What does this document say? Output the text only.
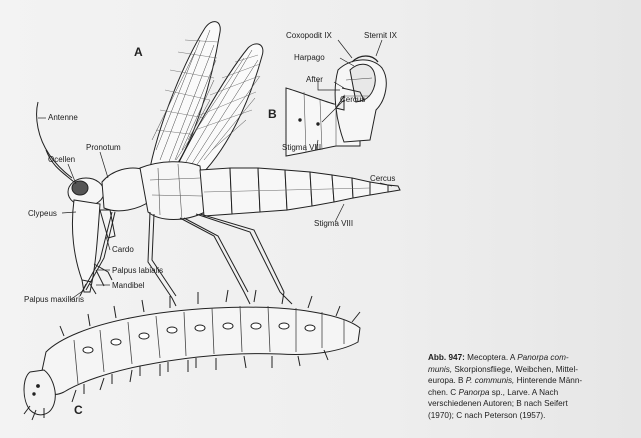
A
B
C
Antenne
Ocellen
Pronotum
Clypeus
Cardo
Palpus labialis
Mandibel
Palpus maxillaris
Cercus
Stigma VIII
Coxopodit IX	Sternit IX
Harpago
After
Cercus
Stigma VIII
Abb. 947: Mecoptera. A Panorpa com-
munis, Skorpionsfliege, Weibchen, Mittel-
europa. B P. communis, Hinterende Männ-
chen. C Panorpa sp., Larve. A Nach
verschiedenen Autoren; B nach Seifert
(1970); C nach Peterson (1957).
